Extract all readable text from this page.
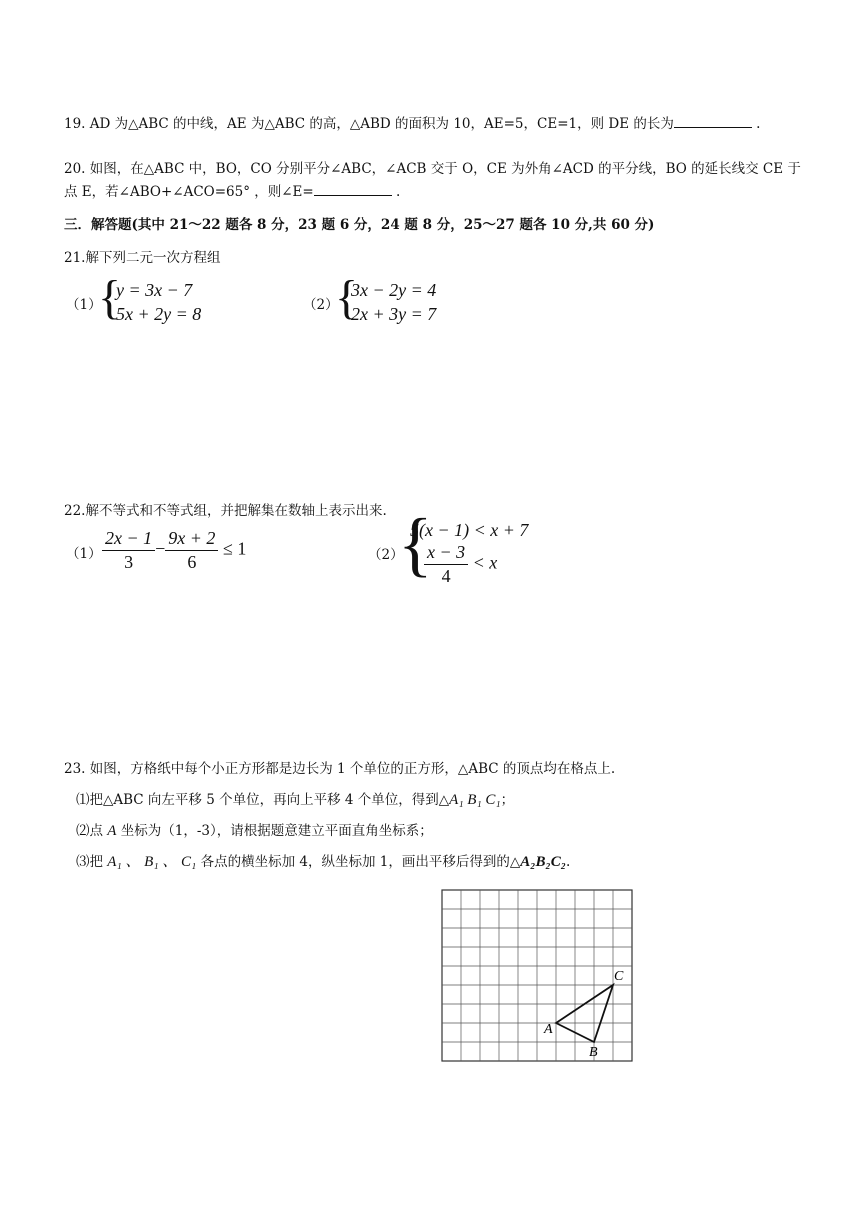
19. AD 为△ABC 的中线，AE 为△ABC 的高，△ABD 的面积为 10，AE=5，CE=1，则 DE 的长为	.
20. 如图，在△ABC 中，BO，CO 分别平分∠ABC，∠ACB 交于 O，CE 为外角∠ACD 的平分线，BO 的延长线交 CE 于
点 E，若∠ABO+∠ACO=65° ，则∠E=	.
三．解答题(其中 21～22 题各 8 分，23 题 6 分，24 题 8 分，25～27 题各 10 分,共 60 分)
21.解下列二元一次方程组
（1）
{
y = 3x − 7
5x + 2y = 8	（2）
{
3x − 2y = 4
2x + 3y = 7
22.解不等式和不等式组，并把解集在数轴上表示出来.
$(1) \frac{2x - 1}{3} - \frac{9x + 2}{6} \le 1$	（2）
{
5(x − 1) < x + 7
$\frac{x - 3}{4} < x$
23. 如图，方格纸中每个小正方形都是边长为 1 个单位的正方形，△ABC 的顶点均在格点上.
⑴把△ABC 向左平移 5 个单位，再向上平移 4 个单位，得到△A₁ B₁ C₁；
⑵点 A 坐标为（1，-3），请根据题意建立平面直角坐标系；
⑶把 A₁ 、 B₁ 、 C₁ 各点的横坐标加 4，纵坐标加 1，画出平移后得到的△A₂B₂C₂.
A
B
C
